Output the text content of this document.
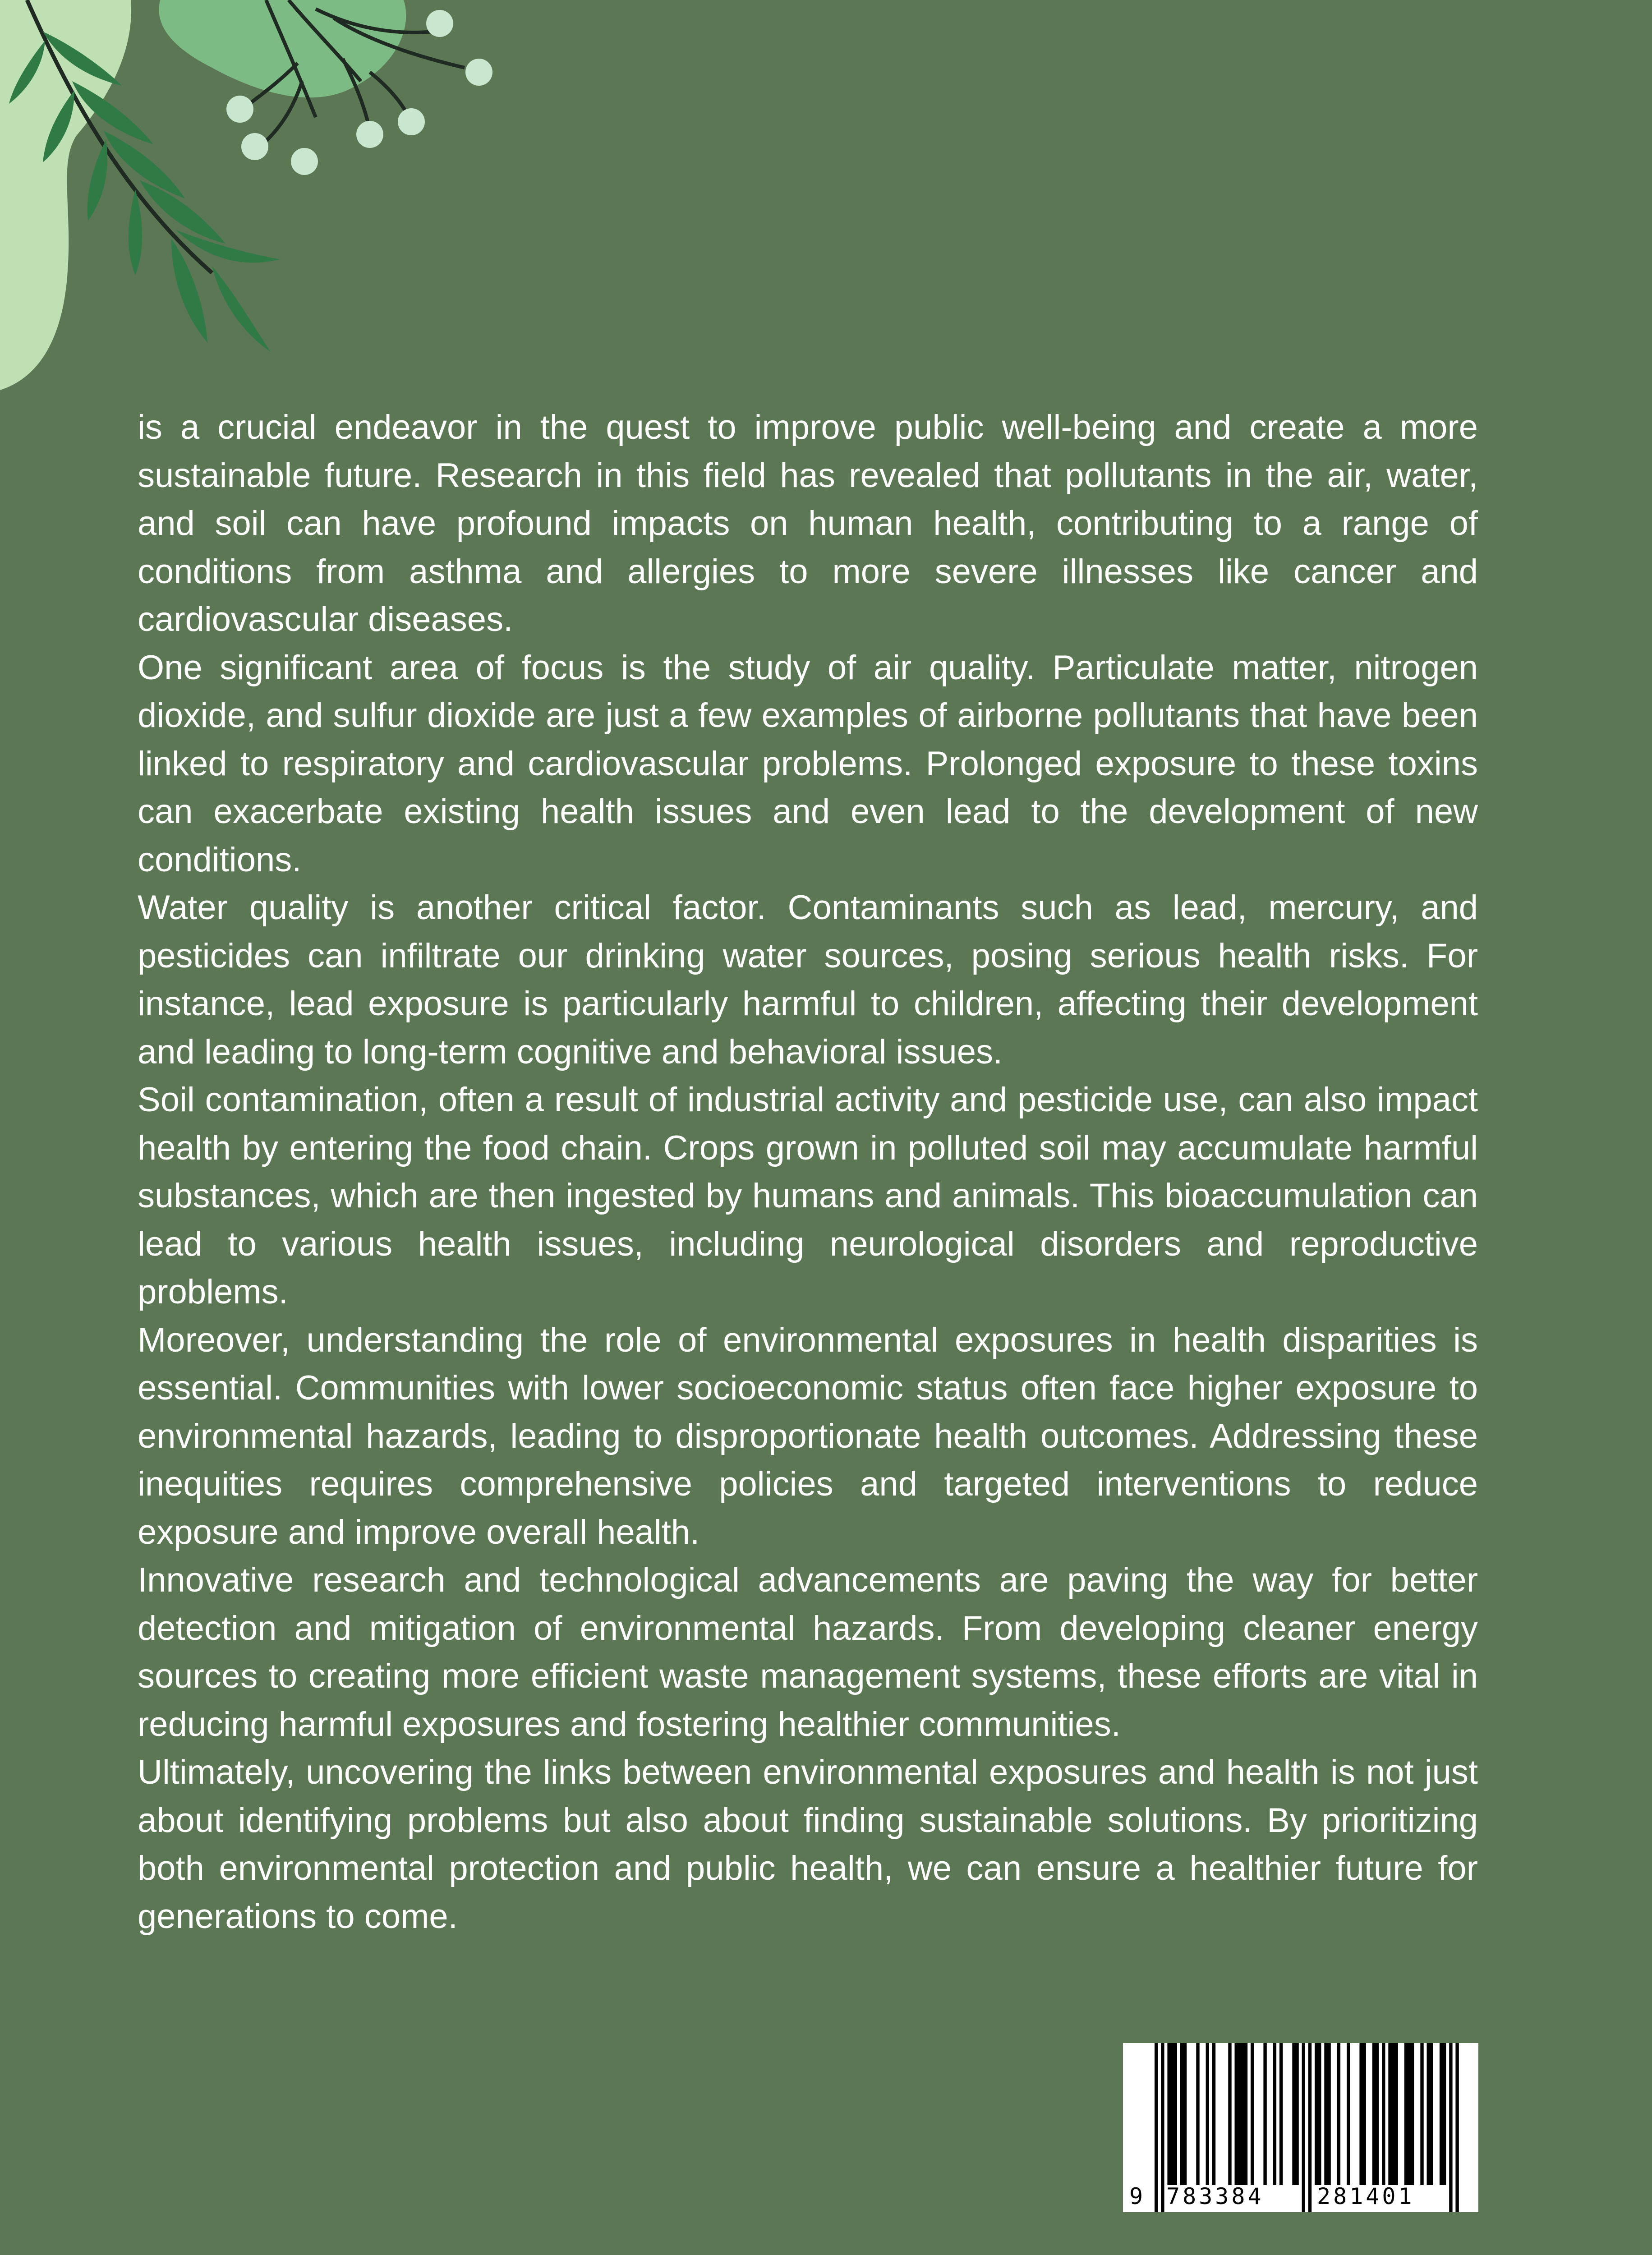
is a crucial endeavor in the quest to improve public well-being and create a more sustainable future. Research in this field has revealed that pollutants in the air, water, and soil can have profound impacts on human health, contributing to a range of conditions from asthma and allergies to more severe illnesses like cancer and cardiovascular diseases.

One significant area of focus is the study of air quality. Particulate matter, nitrogen dioxide, and sulfur dioxide are just a few examples of airborne pollutants that have been linked to respiratory and cardiovascular problems. Prolonged exposure to these toxins can exacerbate existing health issues and even lead to the development of new conditions.

Water quality is another critical factor. Contaminants such as lead, mercury, and pesticides can infiltrate our drinking water sources, posing serious health risks. For instance, lead exposure is particularly harmful to children, affecting their development and leading to long-term cognitive and behavioral issues.

Soil contamination, often a result of industrial activity and pesticide use, can also impact health by entering the food chain. Crops grown in polluted soil may accumulate harmful substances, which are then ingested by humans and animals. This bioaccumulation can lead to various health issues, including neurological disorders and reproductive problems.

Moreover, understanding the role of environmental exposures in health disparities is essential. Communities with lower socioeconomic status often face higher exposure to environmental hazards, leading to disproportionate health outcomes. Addressing these inequities requires comprehensive policies and targeted interventions to reduce exposure and improve overall health.

Innovative research and technological advancements are paving the way for better detection and mitigation of environmental hazards. From developing cleaner energy sources to creating more efficient waste management systems, these efforts are vital in reducing harmful exposures and fostering healthier communities.

Ultimately, uncovering the links between environmental exposures and health is not just about identifying problems but also about finding sustainable solutions. By prioritizing both environmental protection and public health, we can ensure a healthier future for generations to come.

9 783384 281401
